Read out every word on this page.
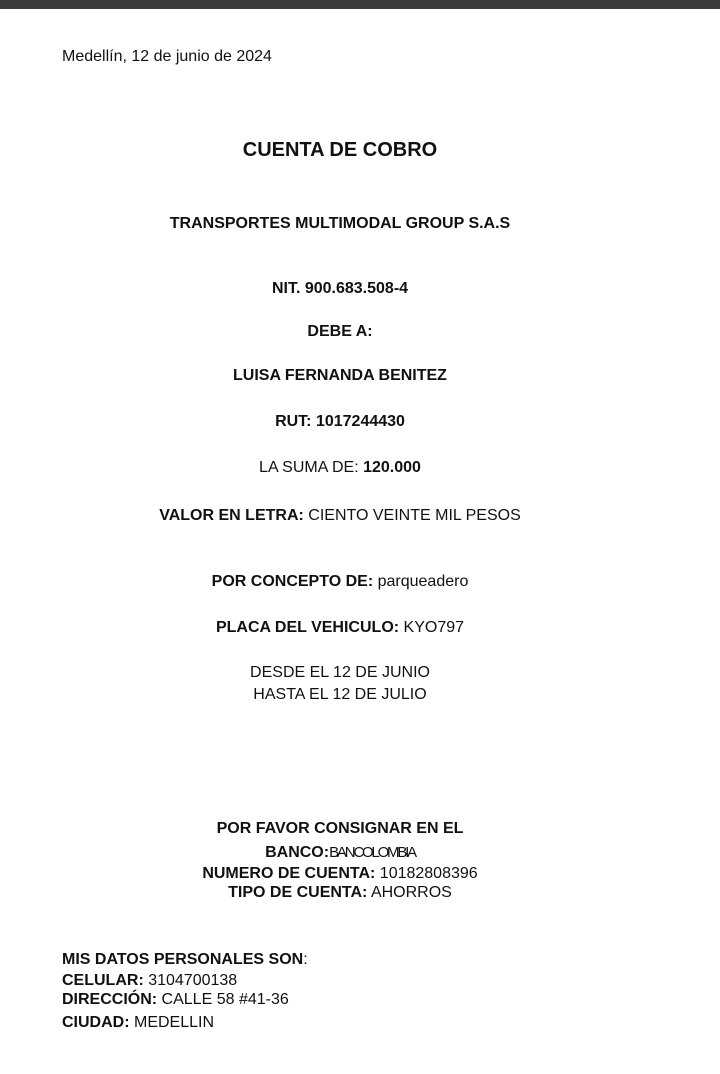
Medellín, 12 de junio de 2024
CUENTA DE COBRO
TRANSPORTES MULTIMODAL GROUP S.A.S
NIT. 900.683.508-4
DEBE A:
LUISA FERNANDA BENITEZ
RUT: 1017244430
LA SUMA DE: 120.000
VALOR EN LETRA: CIENTO VEINTE MIL PESOS
POR CONCEPTO DE: parqueadero
PLACA DEL VEHICULO: KYO797
DESDE EL 12 DE JUNIO
HASTA EL 12 DE JULIO
POR FAVOR CONSIGNAR EN EL
BANCO:BANCOLOMBIA
NUMERO DE CUENTA: 10182808396
TIPO DE CUENTA: AHORROS
MIS DATOS PERSONALES SON:
CELULAR: 3104700138
DIRECCIÓN: CALLE 58 #41-36
CIUDAD: MEDELLIN
